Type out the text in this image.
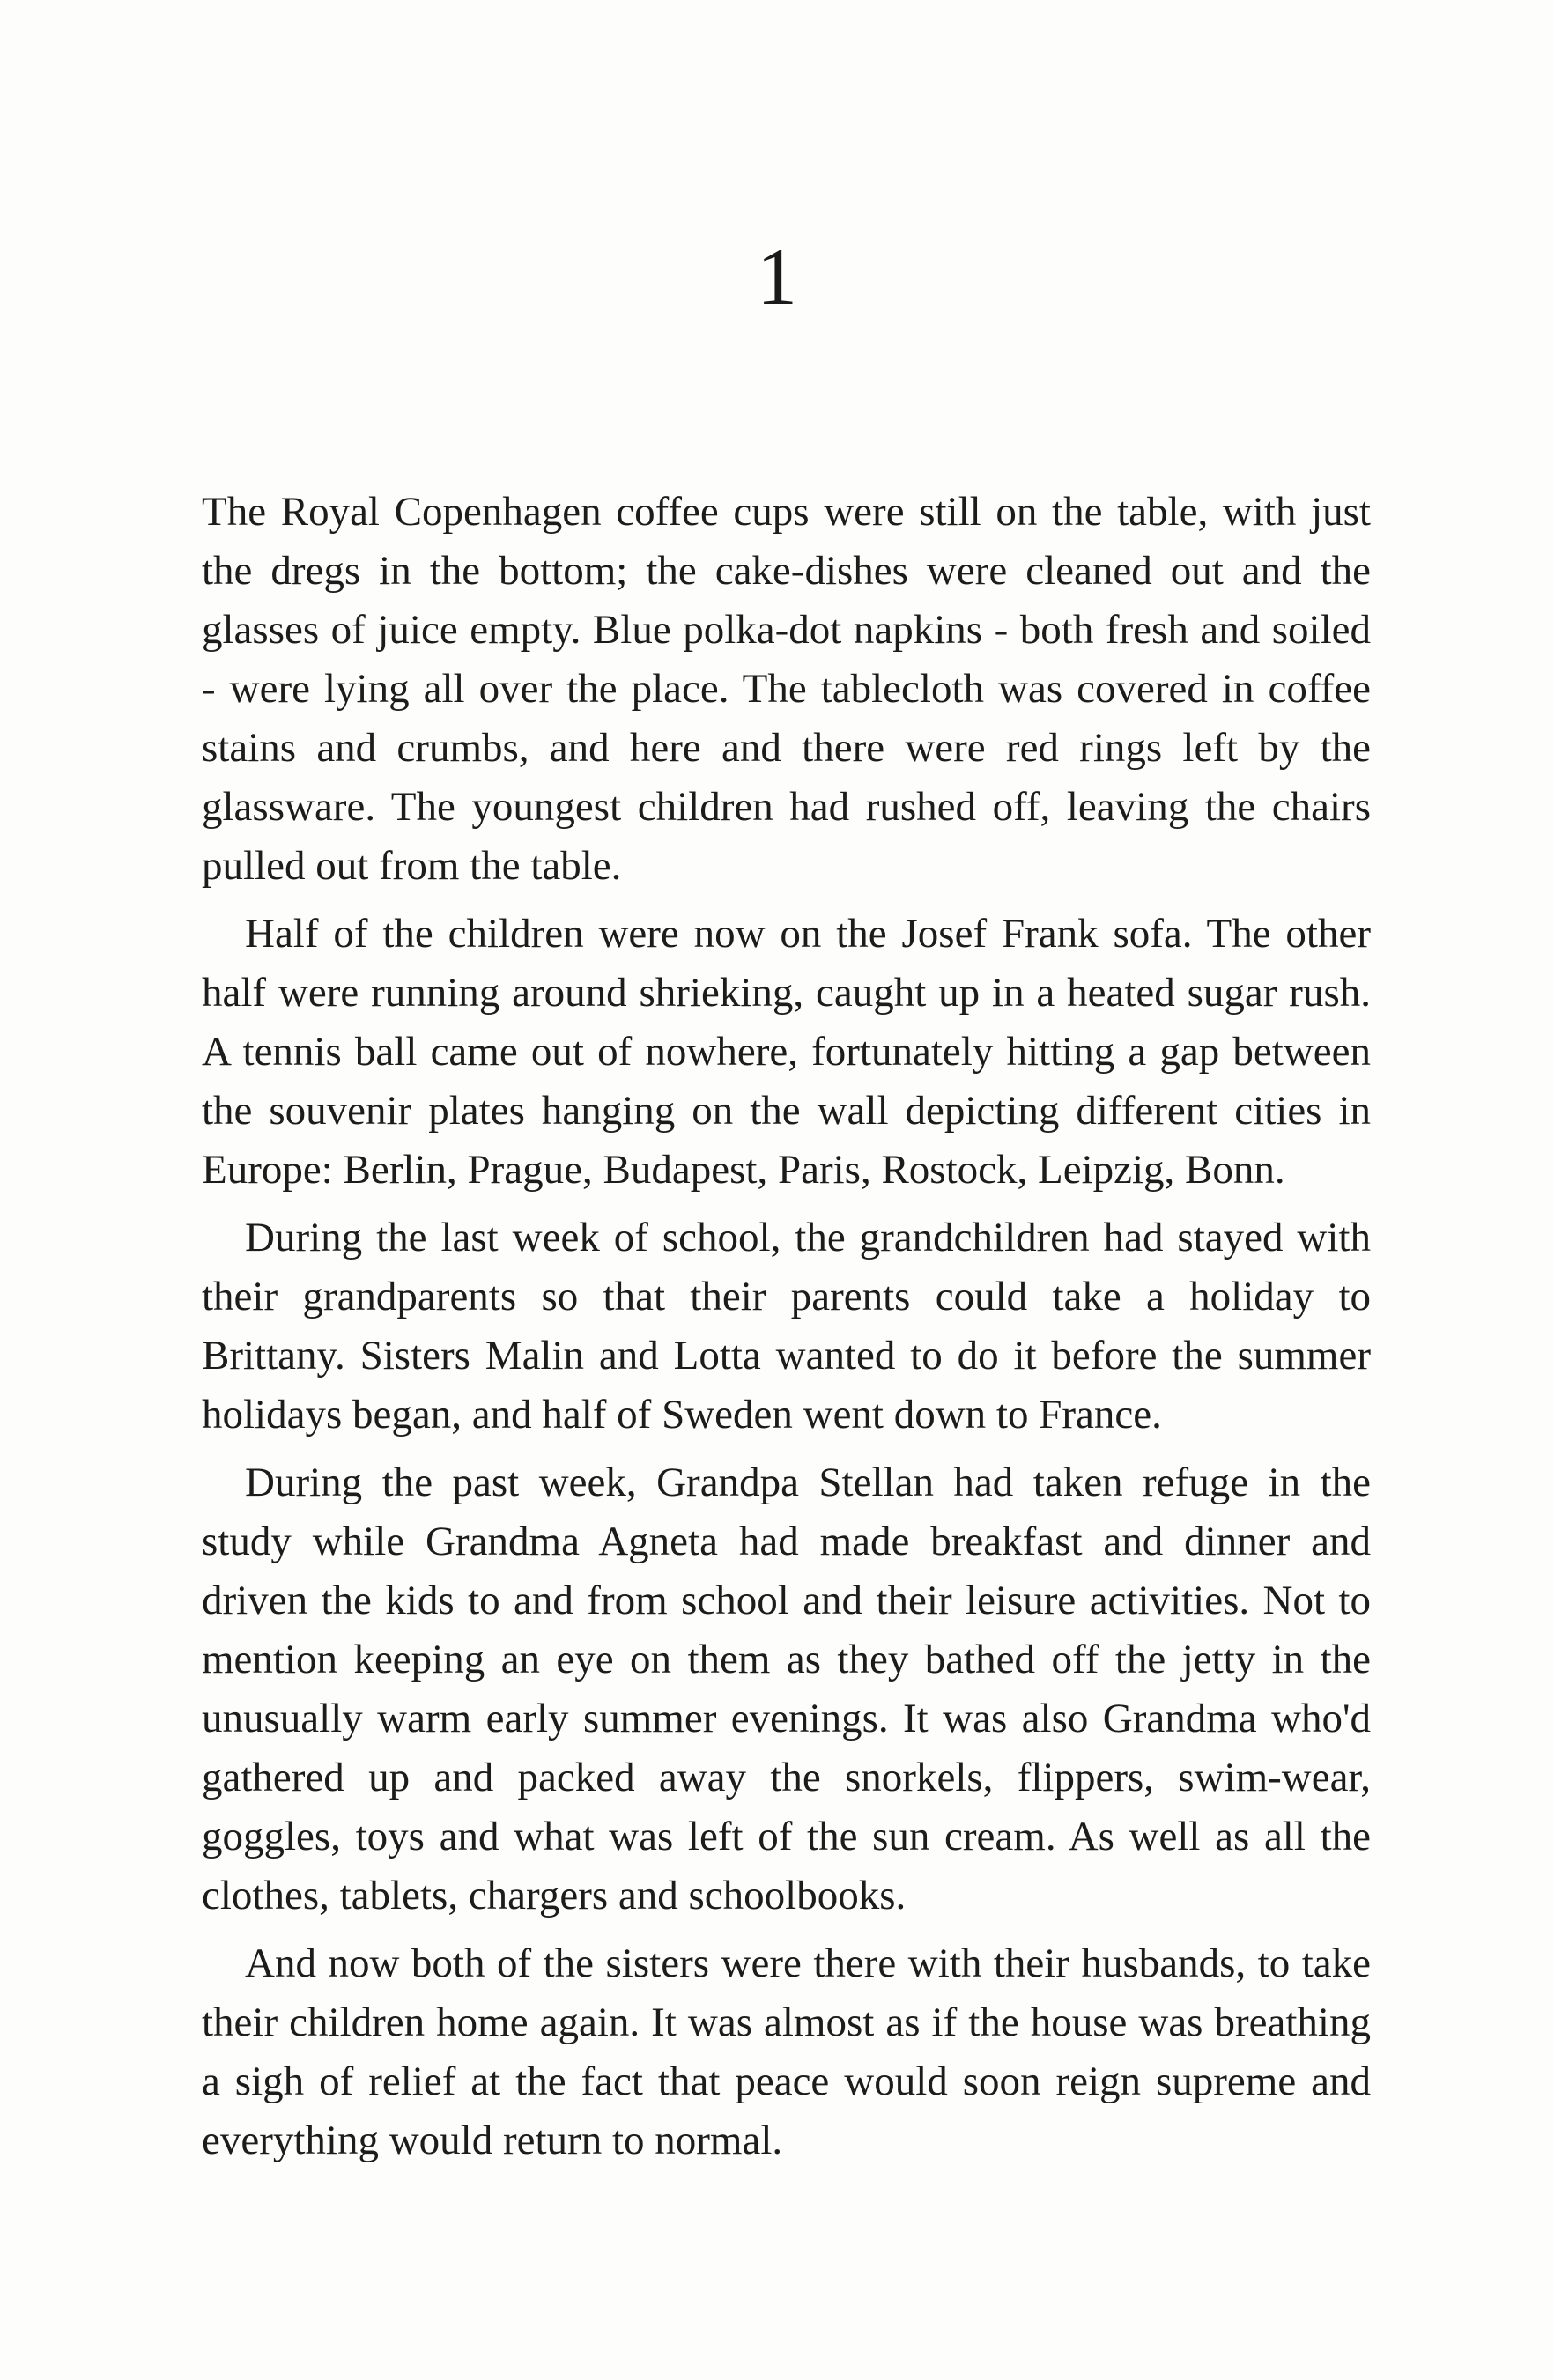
1

The Royal Copenhagen coffee cups were still on the table, with just the dregs in the bottom; the cake-dishes were cleaned out and the glasses of juice empty. Blue polka-dot napkins - both fresh and soiled - were lying all over the place. The tablecloth was covered in coffee stains and crumbs, and here and there were red rings left by the glassware. The youngest children had rushed off, leaving the chairs pulled out from the table.

Half of the children were now on the Josef Frank sofa. The other half were running around shrieking, caught up in a heated sugar rush. A tennis ball came out of nowhere, fortunately hitting a gap between the souvenir plates hanging on the wall depicting different cities in Europe: Berlin, Prague, Budapest, Paris, Rostock, Leipzig, Bonn.

During the last week of school, the grandchildren had stayed with their grandparents so that their parents could take a holiday to Brittany. Sisters Malin and Lotta wanted to do it before the summer holidays began, and half of Sweden went down to France.

During the past week, Grandpa Stellan had taken refuge in the study while Grandma Agneta had made breakfast and dinner and driven the kids to and from school and their leisure activities. Not to mention keeping an eye on them as they bathed off the jetty in the unusually warm early summer evenings. It was also Grandma who'd gathered up and packed away the snorkels, flippers, swim-wear, goggles, toys and what was left of the sun cream. As well as all the clothes, tablets, chargers and schoolbooks.

And now both of the sisters were there with their husbands, to take their children home again. It was almost as if the house was breathing a sigh of relief at the fact that peace would soon reign supreme and everything would return to normal.
